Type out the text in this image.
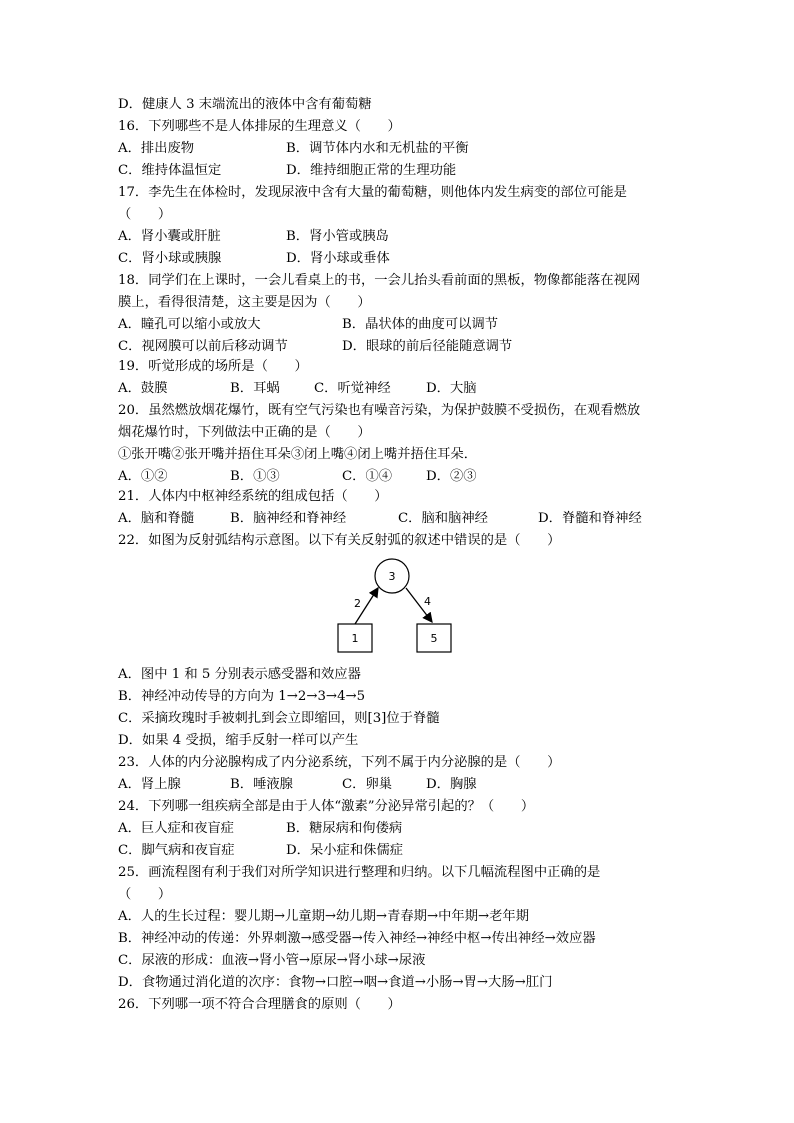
D．健康人 3 末端流出的液体中含有葡萄糖
16．下列哪些不是人体排尿的生理意义（　　）
A．排出废物	B．调节体内水和无机盐的平衡
C．维持体温恒定	D．维持细胞正常的生理功能
17．李先生在体检时，发现尿液中含有大量的葡萄糖，则他体内发生病变的部位可能是
（　　）
A．肾小囊或肝脏	B．肾小管或胰岛
C．肾小球或胰腺	D．肾小球或垂体
18．同学们在上课时，一会儿看桌上的书，一会儿抬头看前面的黑板，物像都能落在视网
膜上，看得很清楚，这主要是因为（　　）
A．瞳孔可以缩小或放大	B．晶状体的曲度可以调节
C．视网膜可以前后移动调节	D．眼球的前后径能随意调节
19．听觉形成的场所是（　　）
A．鼓膜	B．耳蜗	C．听觉神经	D．大脑
20．虽然燃放烟花爆竹，既有空气污染也有噪音污染，为保护鼓膜不受损伤，在观看燃放
烟花爆竹时，下列做法中正确的是（　　）
①张开嘴②张开嘴并捂住耳朵③闭上嘴④闭上嘴并捂住耳朵．
A．①②	B．①③	C．①④	D．②③
21．人体内中枢神经系统的组成包括（　　）
A．脑和脊髓	B．脑神经和脊神经	C．脑和脑神经	D．脊髓和脊神经
22．如图为反射弧结构示意图。以下有关反射弧的叙述中错误的是（　　）
3
1	5
2	4
A．图中 1 和 5 分别表示感受器和效应器
B．神经冲动传导的方向为 1→2→3→4→5
C．采摘玫瑰时手被刺扎到会立即缩回，则[3]位于脊髓
D．如果 4 受损，缩手反射一样可以产生
23．人体的内分泌腺构成了内分泌系统，下列不属于内分泌腺的是（　　）
A．肾上腺	B．唾液腺	C．卵巢	D．胸腺
24．下列哪一组疾病全部是由于人体“激素”分泌异常引起的？（　　）
A．巨人症和夜盲症	B．糖尿病和佝偻病
C．脚气病和夜盲症	D．呆小症和侏儒症
25．画流程图有利于我们对所学知识进行整理和归纳。以下几幅流程图中正确的是
（　　）
A．人的生长过程：婴儿期→儿童期→幼儿期→青春期→中年期→老年期
B．神经冲动的传递：外界刺激→感受器→传入神经→神经中枢→传出神经→效应器
C．尿液的形成：血液→肾小管→原尿→肾小球→尿液
D．食物通过消化道的次序：食物→口腔→咽→食道→小肠→胃→大肠→肛门
26．下列哪一项不符合合理膳食的原则（　　）
